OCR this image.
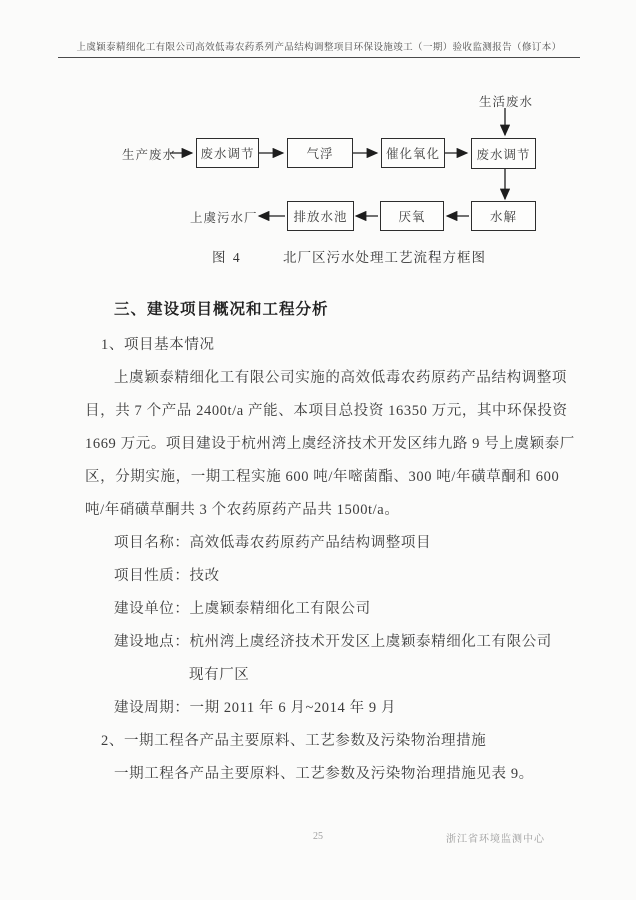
上虞颖泰精细化工有限公司高效低毒农药系列产品结构调整项目环保设施竣工（一期）验收监测报告（修订本）
生产废水
生活废水
废水调节	气浮	催化氧化	废水调节
水解
厌氧
排放水池
上虞污水厂
图 4	北厂区污水处理工艺流程方框图
三、建设项目概况和工程分析
1、项目基本情况
上虞颖泰精细化工有限公司实施的高效低毒农药原药产品结构调整项
目，共 7 个产品 2400t/a 产能、本项目总投资 16350 万元，其中环保投资
1669 万元。项目建设于杭州湾上虞经济技术开发区纬九路 9 号上虞颖泰厂
区，分期实施，一期工程实施 600 吨/年嘧菌酯、300 吨/年磺草酮和 600
吨/年硝磺草酮共 3 个农药原药产品共 1500t/a。
项目名称：高效低毒农药原药产品结构调整项目
项目性质：技改
建设单位：上虞颖泰精细化工有限公司
建设地点：杭州湾上虞经济技术开发区上虞颖泰精细化工有限公司
现有厂区
建设周期：一期 2011 年 6 月~2014 年 9 月
2、一期工程各产品主要原料、工艺参数及污染物治理措施
一期工程各产品主要原料、工艺参数及污染物治理措施见表 9。
25	浙江省环境监测中心
